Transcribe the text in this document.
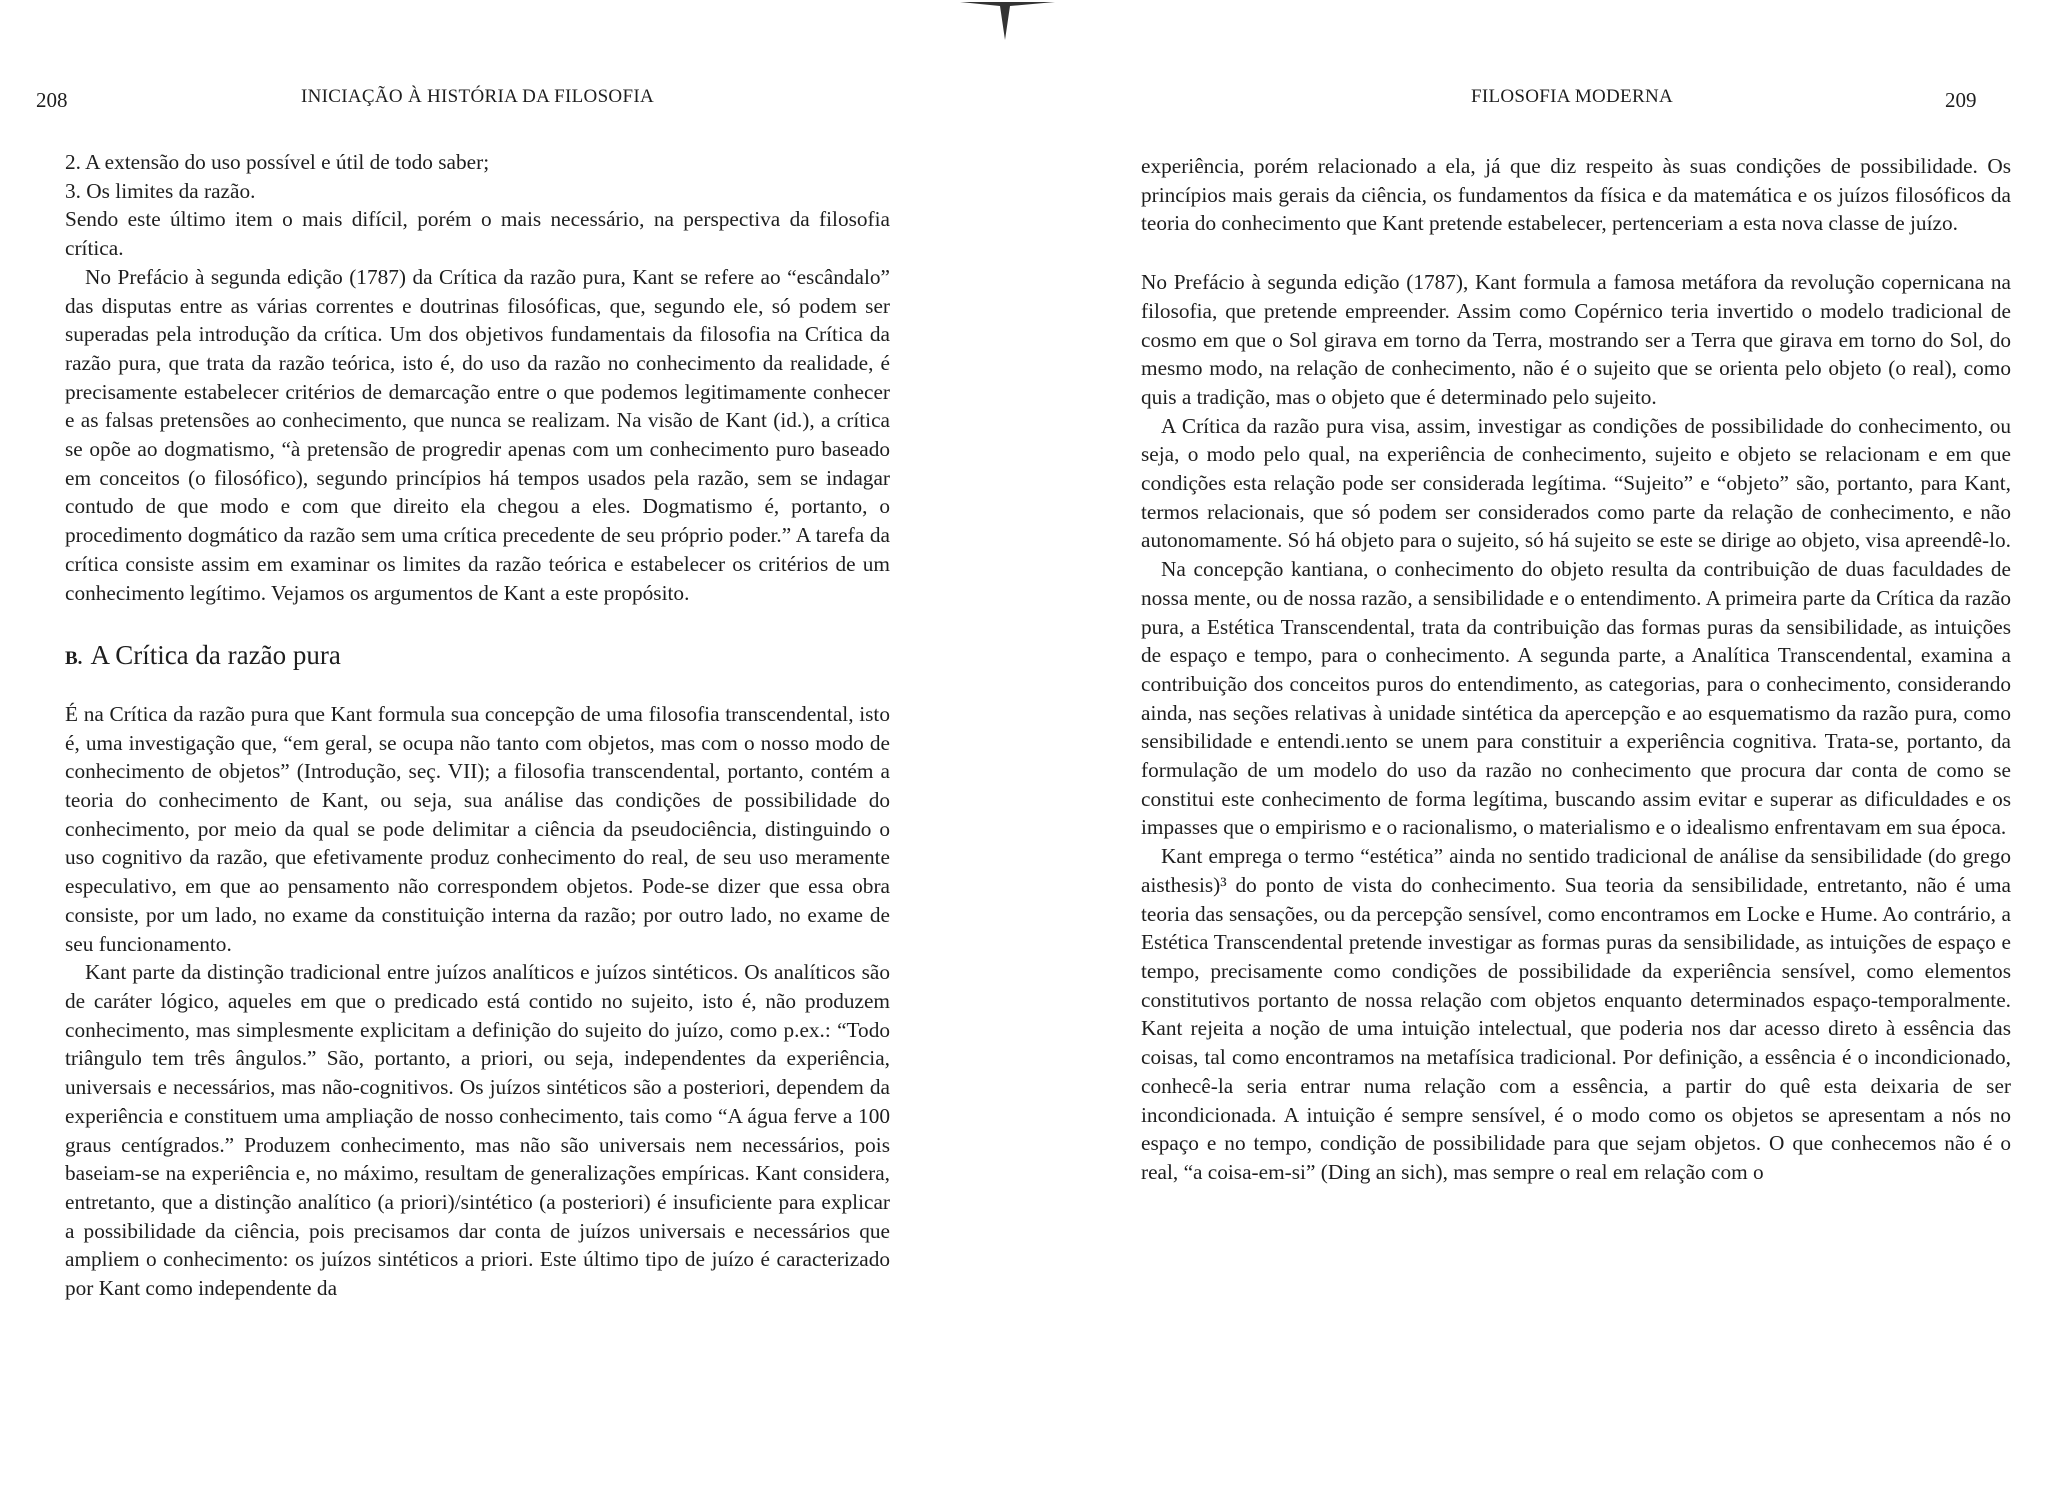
208	INICIAÇÃO À HISTÓRIA DA FILOSOFIA

2. A extensão do uso possível e útil de todo saber;

3. Os limites da razão.

Sendo este último item o mais difícil, porém o mais necessário, na perspectiva da filosofia crítica.

No Prefácio à segunda edição (1787) da Crítica da razão pura, Kant se refere ao “escândalo” das disputas entre as várias correntes e doutrinas filosóficas, que, segundo ele, só podem ser superadas pela introdução da crítica. Um dos objetivos fundamentais da filosofia na Crítica da razão pura, que trata da razão teórica, isto é, do uso da razão no conhecimento da realidade, é precisamente estabelecer critérios de demarcação entre o que podemos legitimamente conhecer e as falsas pretensões ao conhecimento, que nunca se realizam. Na visão de Kant (id.), a crítica se opõe ao dogmatismo, “à pretensão de progredir apenas com um conhecimento puro baseado em conceitos (o filosófico), segundo princípios há tempos usados pela razão, sem se indagar contudo de que modo e com que direito ela chegou a eles. Dogmatismo é, portanto, o procedimento dogmático da razão sem uma crítica precedente de seu próprio poder.” A tarefa da crítica consiste assim em examinar os limites da razão teórica e estabelecer os critérios de um conhecimento legítimo. Vejamos os argumentos de Kant a este propósito.

B. A Crítica da razão pura

É na Crítica da razão pura que Kant formula sua concepção de uma filosofia transcendental, isto é, uma investigação que, “em geral, se ocupa não tanto com objetos, mas com o nosso modo de conhecimento de objetos” (Introdução, seç. VII); a filosofia transcendental, portanto, contém a teoria do conhecimento de Kant, ou seja, sua análise das condições de possibilidade do conhecimento, por meio da qual se pode delimitar a ciência da pseudociência, distinguindo o uso cognitivo da razão, que efetivamente produz conhecimento do real, de seu uso meramente especulativo, em que ao pensamento não correspondem objetos. Pode-se dizer que essa obra consiste, por um lado, no exame da constituição interna da razão; por outro lado, no exame de seu funcionamento.

Kant parte da distinção tradicional entre juízos analíticos e juízos sintéticos. Os analíticos são de caráter lógico, aqueles em que o predicado está contido no sujeito, isto é, não produzem conhecimento, mas simplesmente explicitam a definição do sujeito do juízo, como p.ex.: “Todo triângulo tem três ângulos.” São, portanto, a priori, ou seja, independentes da experiência, universais e necessários, mas não-cognitivos. Os juízos sintéticos são a posteriori, dependem da experiência e constituem uma ampliação de nosso conhecimento, tais como “A água ferve a 100 graus centígrados.” Produzem conhecimento, mas não são universais nem necessários, pois baseiam-se na experiência e, no máximo, resultam de generalizações empíricas. Kant considera, entretanto, que a distinção analítico (a priori)/sintético (a posteriori) é insuficiente para explicar a possibilidade da ciência, pois precisamos dar conta de juízos universais e necessários que ampliem o conhecimento: os juízos sintéticos a priori. Este último tipo de juízo é caracterizado por Kant como independente da

FILOSOFIA MODERNA	209

experiência, porém relacionado a ela, já que diz respeito às suas condições de possibilidade. Os princípios mais gerais da ciência, os fundamentos da física e da matemática e os juízos filosóficos da teoria do conhecimento que Kant pretende estabelecer, pertenceriam a esta nova classe de juízo.

No Prefácio à segunda edição (1787), Kant formula a famosa metáfora da revolução copernicana na filosofia, que pretende empreender. Assim como Copérnico teria invertido o modelo tradicional de cosmo em que o Sol girava em torno da Terra, mostrando ser a Terra que girava em torno do Sol, do mesmo modo, na relação de conhecimento, não é o sujeito que se orienta pelo objeto (o real), como quis a tradição, mas o objeto que é determinado pelo sujeito.

A Crítica da razão pura visa, assim, investigar as condições de possibilidade do conhecimento, ou seja, o modo pelo qual, na experiência de conhecimento, sujeito e objeto se relacionam e em que condições esta relação pode ser considerada legítima. “Sujeito” e “objeto” são, portanto, para Kant, termos relacionais, que só podem ser considerados como parte da relação de conhecimento, e não autonomamente. Só há objeto para o sujeito, só há sujeito se este se dirige ao objeto, visa apreendê-lo.

Na concepção kantiana, o conhecimento do objeto resulta da contribuição de duas faculdades de nossa mente, ou de nossa razão, a sensibilidade e o entendimento. A primeira parte da Crítica da razão pura, a Estética Transcendental, trata da contribuição das formas puras da sensibilidade, as intuições de espaço e tempo, para o conhecimento. A segunda parte, a Analítica Transcendental, examina a contribuição dos conceitos puros do entendimento, as categorias, para o conhecimento, considerando ainda, nas seções relativas à unidade sintética da apercepção e ao esquematismo da razão pura, como sensibilidade e entendi.ıento se unem para constituir a experiência cognitiva. Trata-se, portanto, da formulação de um modelo do uso da razão no conhecimento que procura dar conta de como se constitui este conhecimento de forma legítima, buscando assim evitar e superar as dificuldades e os impasses que o empirismo e o racionalismo, o materialismo e o idealismo enfrentavam em sua época.

Kant emprega o termo “estética” ainda no sentido tradicional de análise da sensibilidade (do grego aisthesis)³ do ponto de vista do conhecimento. Sua teoria da sensibilidade, entretanto, não é uma teoria das sensações, ou da percepção sensível, como encontramos em Locke e Hume. Ao contrário, a Estética Transcendental pretende investigar as formas puras da sensibilidade, as intuições de espaço e tempo, precisamente como condições de possibilidade da experiência sensível, como elementos constitutivos portanto de nossa relação com objetos enquanto determinados espaço-temporalmente. Kant rejeita a noção de uma intuição intelectual, que poderia nos dar acesso direto à essência das coisas, tal como encontramos na metafísica tradicional. Por definição, a essência é o incondicionado, conhecê-la seria entrar numa relação com a essência, a partir do quê esta deixaria de ser incondicionada. A intuição é sempre sensível, é o modo como os objetos se apresentam a nós no espaço e no tempo, condição de possibilidade para que sejam objetos. O que conhecemos não é o real, “a coisa-em-si” (Ding an sich), mas sempre o real em relação com o
